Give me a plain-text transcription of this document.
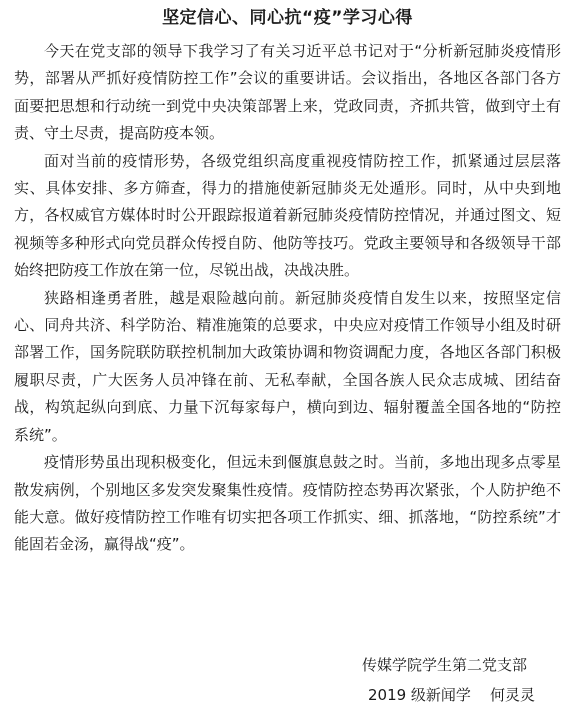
坚定信心、同心抗“疫”学习心得

今天在党支部的领导下我学习了有关习近平总书记对于“分析新冠肺炎疫情形势，部署从严抓好疫情防控工作”会议的重要讲话。会议指出，各地区各部门各方面要把思想和行动统一到党中央决策部署上来，党政同责，齐抓共管，做到守土有责、守土尽责，提高防疫本领。

面对当前的疫情形势，各级党组织高度重视疫情防控工作，抓紧通过层层落实、具体安排、多方筛查，得力的措施使新冠肺炎无处遁形。同时，从中央到地方，各权威官方媒体时时公开跟踪报道着新冠肺炎疫情防控情况，并通过图文、短视频等多种形式向党员群众传授自防、他防等技巧。党政主要领导和各级领导干部始终把防疫工作放在第一位，尽锐出战，决战决胜。

狭路相逢勇者胜，越是艰险越向前。新冠肺炎疫情自发生以来，按照坚定信心、同舟共济、科学防治、精准施策的总要求，中央应对疫情工作领导小组及时研部署工作，国务院联防联控机制加大政策协调和物资调配力度，各地区各部门积极履职尽责，广大医务人员冲锋在前、无私奉献，全国各族人民众志成城、团结奋战，构筑起纵向到底、力量下沉每家每户，横向到边、辐射覆盖全国各地的“防控系统”。

疫情形势虽出现积极变化，但远未到偃旗息鼓之时。当前，多地出现多点零星散发病例，个别地区多发突发聚集性疫情。疫情防控态势再次紧张，个人防护绝不能大意。做好疫情防控工作唯有切实把各项工作抓实、细、抓落地，“防控系统”才能固若金汤，赢得战“疫”。

传媒学院学生第二党支部
2019 级新闻学    何灵灵
